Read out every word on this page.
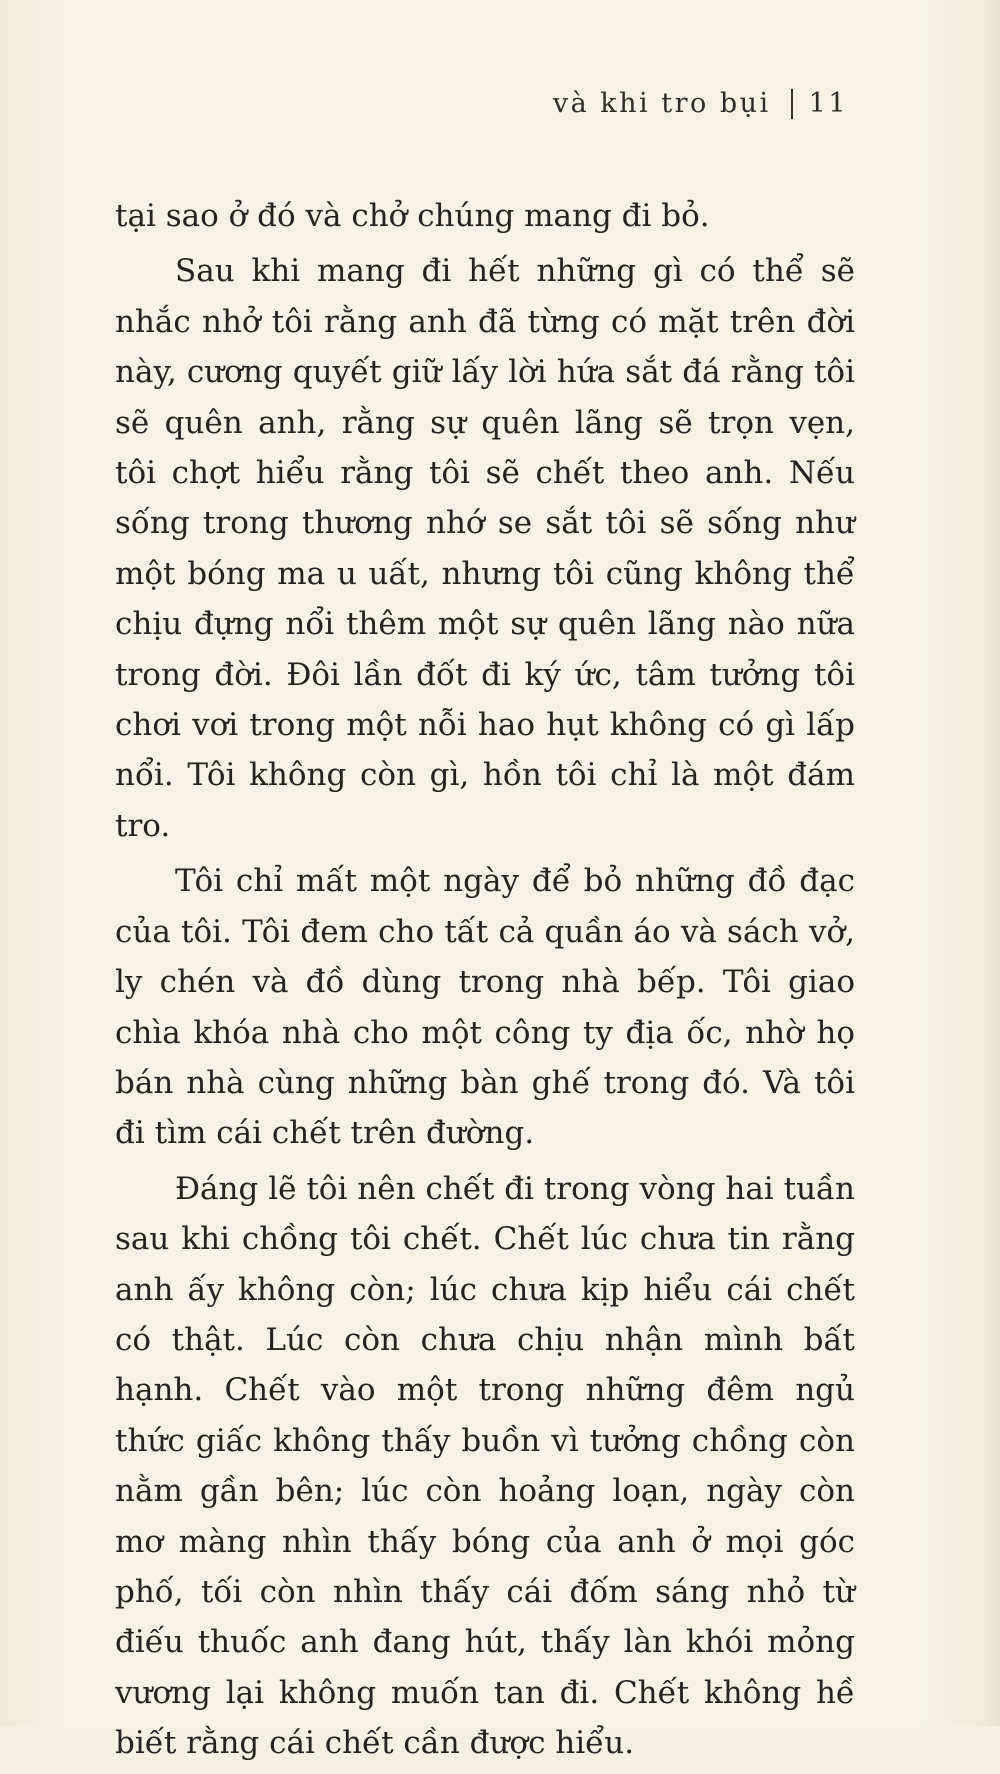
và khi tro bụi 11

tại sao ở đó và chở chúng mang đi bỏ.

Sau khi mang đi hết những gì có thể sẽ nhắc nhở tôi rằng anh đã từng có mặt trên đời này, cương quyết giữ lấy lời hứa sắt đá rằng tôi sẽ quên anh, rằng sự quên lãng sẽ trọn vẹn, tôi chợt hiểu rằng tôi sẽ chết theo anh. Nếu sống trong thương nhớ se sắt tôi sẽ sống như một bóng ma u uất, nhưng tôi cũng không thể chịu đựng nổi thêm một sự quên lãng nào nữa trong đời. Đôi lần đốt đi ký ức, tâm tưởng tôi chơi vơi trong một nỗi hao hụt không có gì lấp nổi. Tôi không còn gì, hồn tôi chỉ là một đám tro.

Tôi chỉ mất một ngày để bỏ những đồ đạc của tôi. Tôi đem cho tất cả quần áo và sách vở, ly chén và đồ dùng trong nhà bếp. Tôi giao chìa khóa nhà cho một công ty địa ốc, nhờ họ bán nhà cùng những bàn ghế trong đó. Và tôi đi tìm cái chết trên đường.

Đáng lẽ tôi nên chết đi trong vòng hai tuần sau khi chồng tôi chết. Chết lúc chưa tin rằng anh ấy không còn; lúc chưa kịp hiểu cái chết có thật. Lúc còn chưa chịu nhận mình bất hạnh. Chết vào một trong những đêm ngủ thức giấc không thấy buồn vì tưởng chồng còn nằm gần bên; lúc còn hoảng loạn, ngày còn mơ màng nhìn thấy bóng của anh ở mọi góc phố, tối còn nhìn thấy cái đốm sáng nhỏ từ điếu thuốc anh đang hút, thấy làn khói mỏng vương lại không muốn tan đi. Chết không hề biết rằng cái chết cần được hiểu.
